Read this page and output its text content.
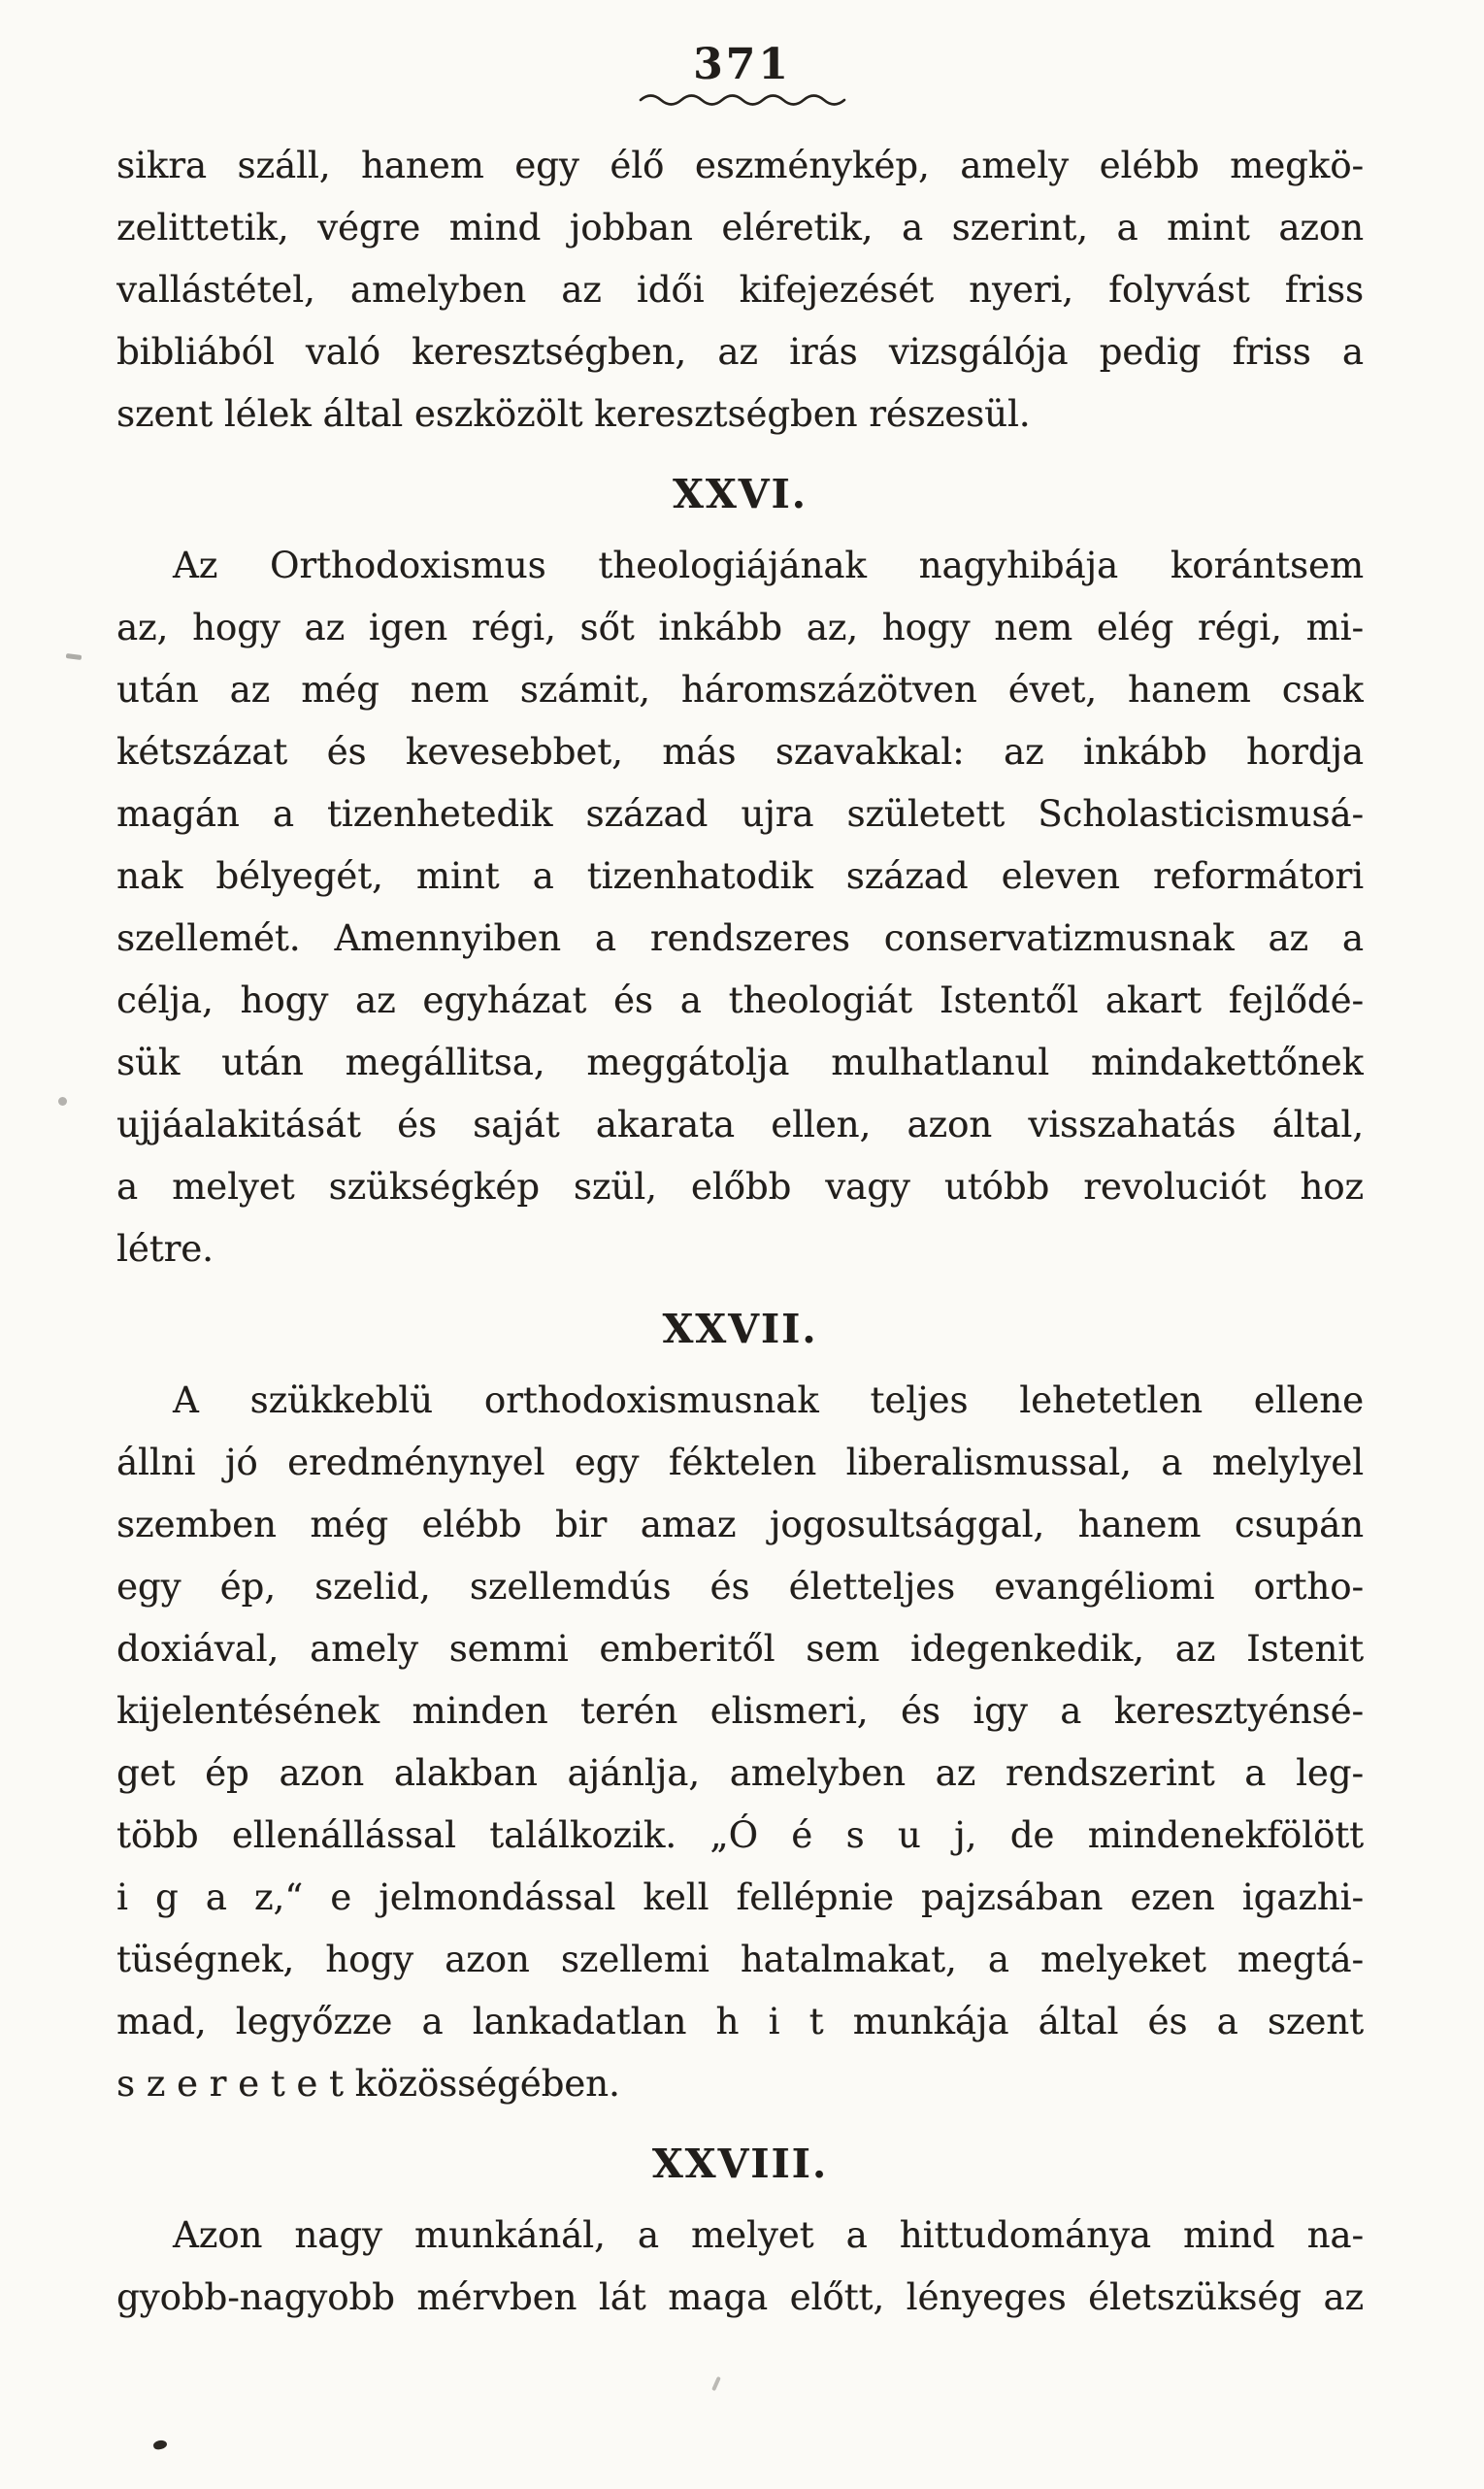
371

sikra száll, hanem egy élő eszménykép, amely elébb megkö-

zelittetik, végre mind jobban eléretik, a szerint, a mint azon

vallástétel, amelyben az idői kifejezését nyeri, folyvást friss

bibliából való keresztségben, az irás vizsgálója pedig friss a

szent lélek által eszközölt keresztségben részesül.

XXVI.

Az Orthodoxismus theologiájának nagyhibája korántsem

az, hogy az igen régi, sőt inkább az, hogy nem elég régi, mi-

után az még nem számit, háromszázötven évet, hanem csak

kétszázat és kevesebbet, más szavakkal: az inkább hordja

magán a tizenhetedik század ujra született Scholasticismusá-

nak bélyegét, mint a tizenhatodik század eleven reformátori

szellemét. Amennyiben a rendszeres conservatizmusnak az a

célja, hogy az egyházat és a theologiát Istentől akart fejlődé-

sük után megállitsa, meggátolja mulhatlanul mindakettőnek

ujjáalakitását és saját akarata ellen, azon visszahatás által,

a melyet szükségkép szül, előbb vagy utóbb revoluciót hoz

létre.

XXVII.

A szükkeblü orthodoxismusnak teljes lehetetlen ellene

állni jó eredménynyel egy féktelen liberalismussal, a melylyel

szemben még elébb bir amaz jogosultsággal, hanem csupán

egy ép, szelid, szellemdús és életteljes evangéliomi ortho-

doxiával, amely semmi emberitől sem idegenkedik, az Istenit

kijelentésének minden terén elismeri, és igy a keresztyénsé-

get ép azon alakban ajánlja, amelyben az rendszerint a leg-

több ellenállással találkozik. „Ó é s u j, de mindenekfölött

i g a z,“ e jelmondással kell fellépnie pajzsában ezen igazhi-

tüségnek, hogy azon szellemi hatalmakat, a melyeket megtá-

mad, legyőzze a lankadatlan h i t munkája által és a szent

s z e r e t e t közösségében.

XXVIII.

Azon nagy munkánál, a melyet a hittudománya mind na-

gyobb-nagyobb mérvben lát maga előtt, lényeges életszükség az
